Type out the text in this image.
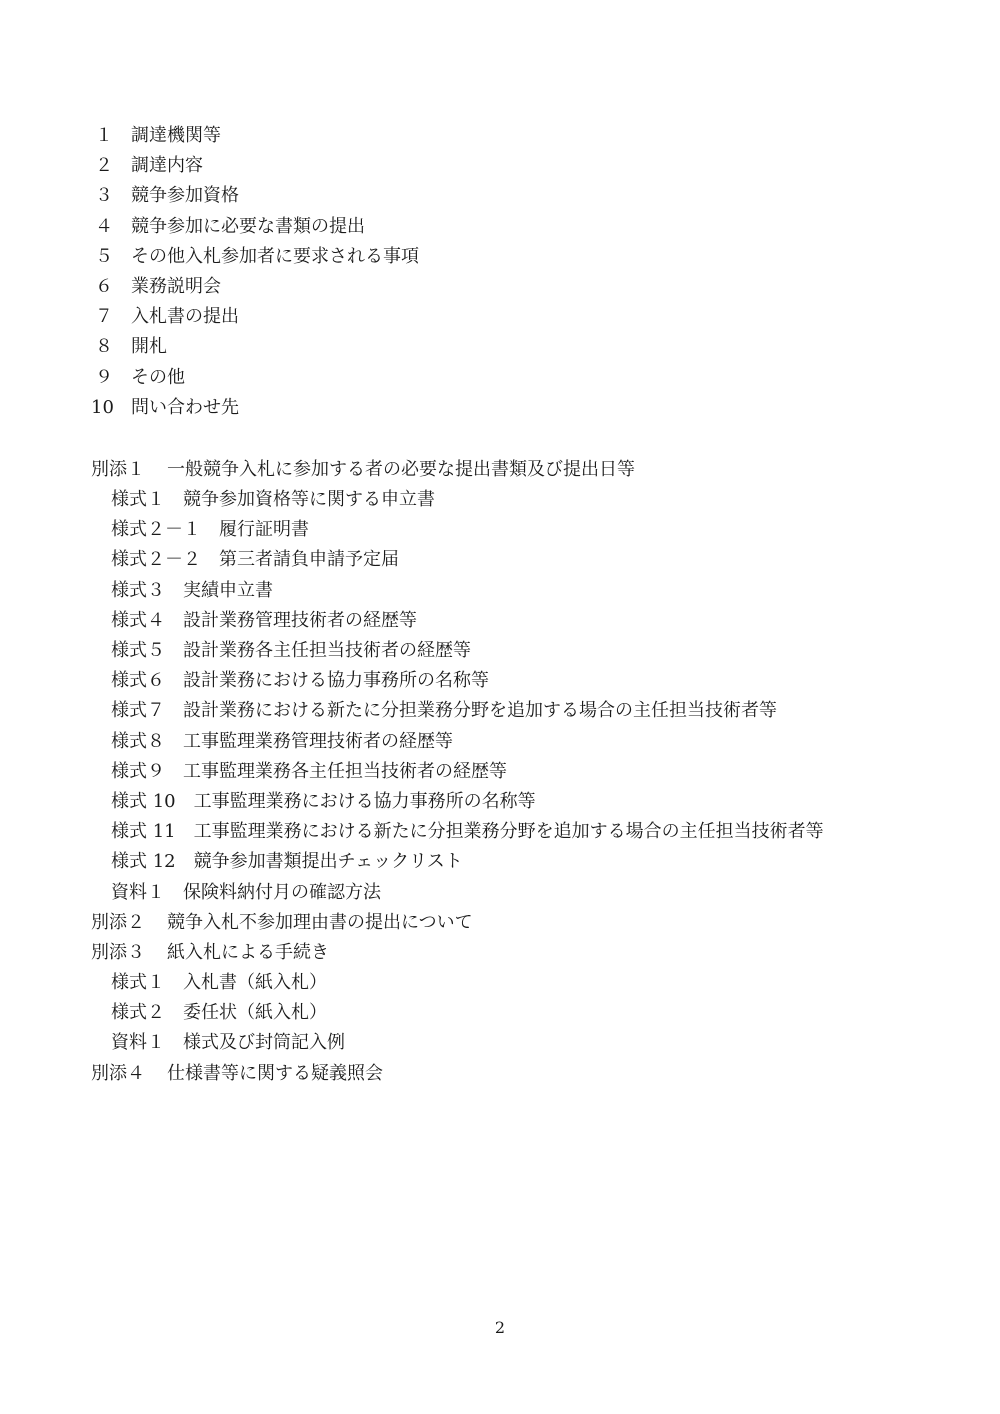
１ 調達機関等
２ 調達内容
３ 競争参加資格
４ 競争参加に必要な書類の提出
５ その他入札参加者に要求される事項
６ 業務説明会
７ 入札書の提出
８ 開札
９ その他
10 問い合わせ先
別添１ 一般競争入札に参加する者の必要な提出書類及び提出日等
様式１ 競争参加資格等に関する申立書
様式２－１ 履行証明書
様式２－２ 第三者請負申請予定届
様式３ 実績申立書
様式４ 設計業務管理技術者の経歴等
様式５ 設計業務各主任担当技術者の経歴等
様式６ 設計業務における協力事務所の名称等
様式７ 設計業務における新たに分担業務分野を追加する場合の主任担当技術者等
様式８ 工事監理業務管理技術者の経歴等
様式９ 工事監理業務各主任担当技術者の経歴等
様式 10 工事監理業務における協力事務所の名称等
様式 11 工事監理業務における新たに分担業務分野を追加する場合の主任担当技術者等
様式 12 競争参加書類提出チェックリスト
資料１ 保険料納付月の確認方法
別添２ 競争入札不参加理由書の提出について
別添３ 紙入札による手続き
様式１ 入札書（紙入札）
様式２ 委任状（紙入札）
資料１ 様式及び封筒記入例
別添４ 仕様書等に関する疑義照会
2
